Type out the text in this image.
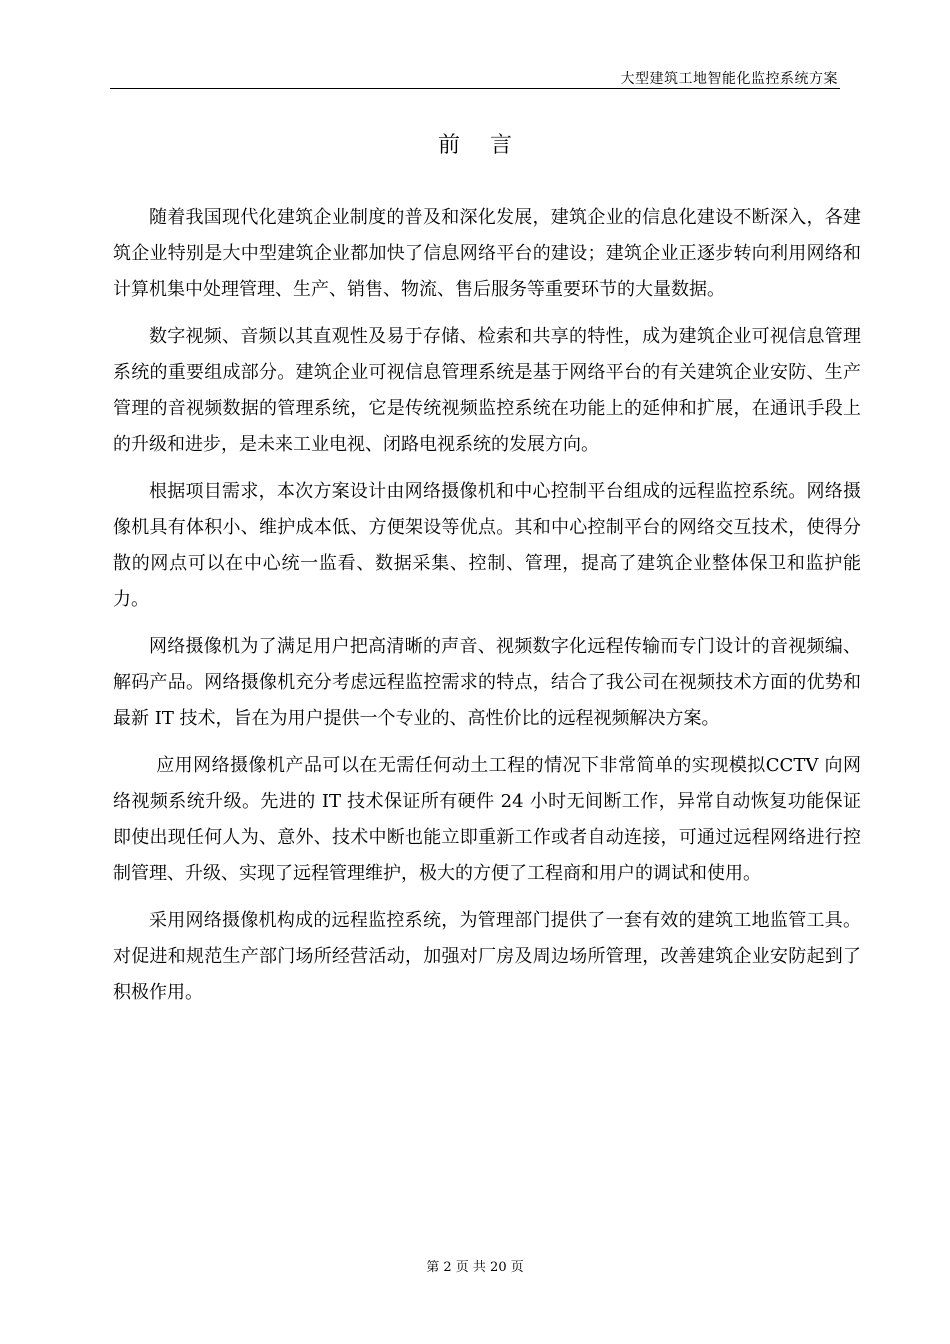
大型建筑工地智能化监控系统方案
前言

随着我国现代化建筑企业制度的普及和深化发展，建筑企业的信息化建设不断深入，各建筑企业特别是大中型建筑企业都加快了信息网络平台的建设；建筑企业正逐步转向利用网络和计算机集中处理管理、生产、销售、物流、售后服务等重要环节的大量数据。

数字视频、音频以其直观性及易于存储、检索和共享的特性，成为建筑企业可视信息管理系统的重要组成部分。建筑企业可视信息管理系统是基于网络平台的有关建筑企业安防、生产管理的音视频数据的管理系统，它是传统视频监控系统在功能上的延伸和扩展，在通讯手段上的升级和进步，是未来工业电视、闭路电视系统的发展方向。

根据项目需求，本次方案设计由网络摄像机和中心控制平台组成的远程监控系统。网络摄像机具有体积小、维护成本低、方便架设等优点。其和中心控制平台的网络交互技术，使得分散的网点可以在中心统一监看、数据采集、控制、管理，提高了建筑企业整体保卫和监护能力。

网络摄像机为了满足用户把高清晰的声音、视频数字化远程传输而专门设计的音视频编、解码产品。网络摄像机充分考虑远程监控需求的特点，结合了我公司在视频技术方面的优势和最新 IT 技术，旨在为用户提供一个专业的、高性价比的远程视频解决方案。

应用网络摄像机产品可以在无需任何动土工程的情况下非常简单的实现模拟CCTV 向网络视频系统升级。先进的 IT 技术保证所有硬件 24 小时无间断工作，异常自动恢复功能保证即使出现任何人为、意外、技术中断也能立即重新工作或者自动连接，可通过远程网络进行控制管理、升级、实现了远程管理维护，极大的方便了工程商和用户的调试和使用。

采用网络摄像机构成的远程监控系统，为管理部门提供了一套有效的建筑工地监管工具。对促进和规范生产部门场所经营活动，加强对厂房及周边场所管理，改善建筑企业安防起到了积极作用。

第 2 页 共 20 页
